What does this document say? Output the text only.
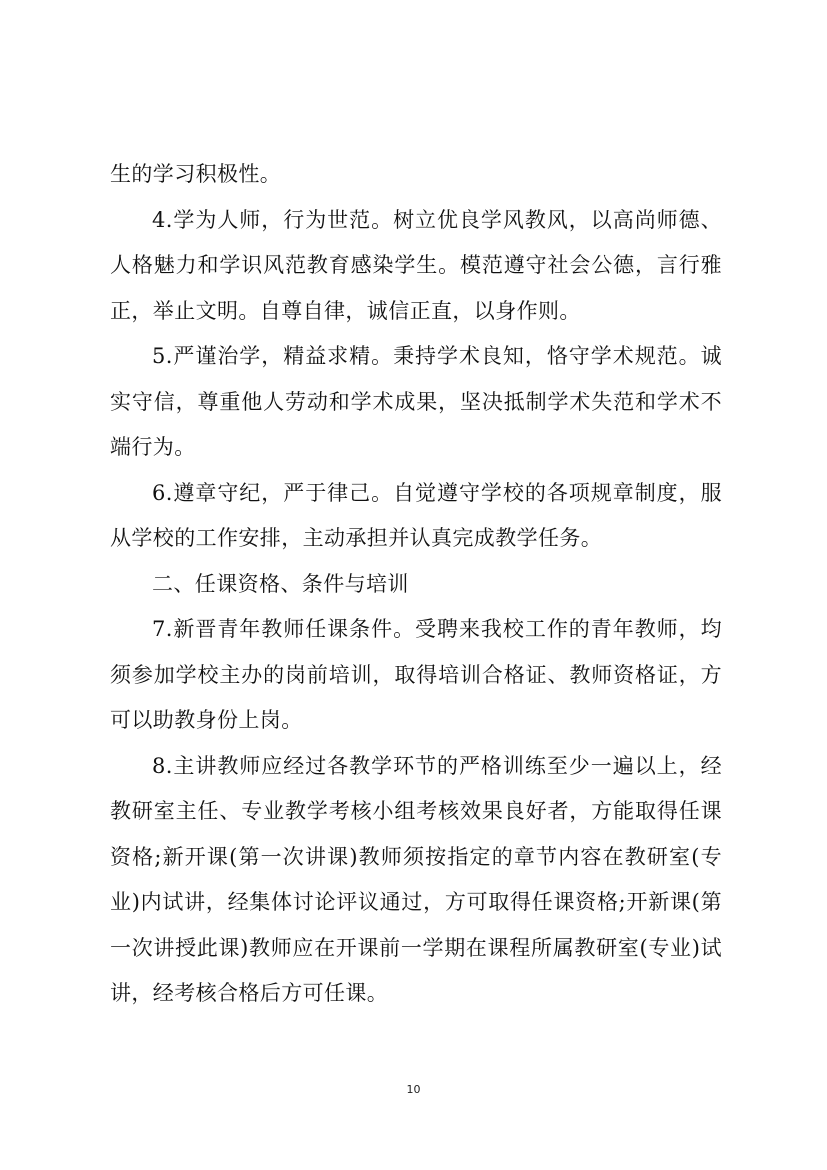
生的学习积极性。

4.学为人师，行为世范。树立优良学风教风，以高尚师德、人格魅力和学识风范教育感染学生。模范遵守社会公德，言行雅正，举止文明。自尊自律，诚信正直，以身作则。

5.严谨治学，精益求精。秉持学术良知，恪守学术规范。诚实守信，尊重他人劳动和学术成果，坚决抵制学术失范和学术不端行为。

6.遵章守纪，严于律己。自觉遵守学校的各项规章制度，服从学校的工作安排，主动承担并认真完成教学任务。

二、任课资格、条件与培训

7.新晋青年教师任课条件。受聘来我校工作的青年教师，均须参加学校主办的岗前培训，取得培训合格证、教师资格证，方可以助教身份上岗。

8.主讲教师应经过各教学环节的严格训练至少一遍以上，经教研室主任、专业教学考核小组考核效果良好者，方能取得任课资格;新开课(第一次讲课)教师须按指定的章节内容在教研室(专业)内试讲，经集体讨论评议通过，方可取得任课资格;开新课(第一次讲授此课)教师应在开课前一学期在课程所属教研室(专业)试讲，经考核合格后方可任课。

10
